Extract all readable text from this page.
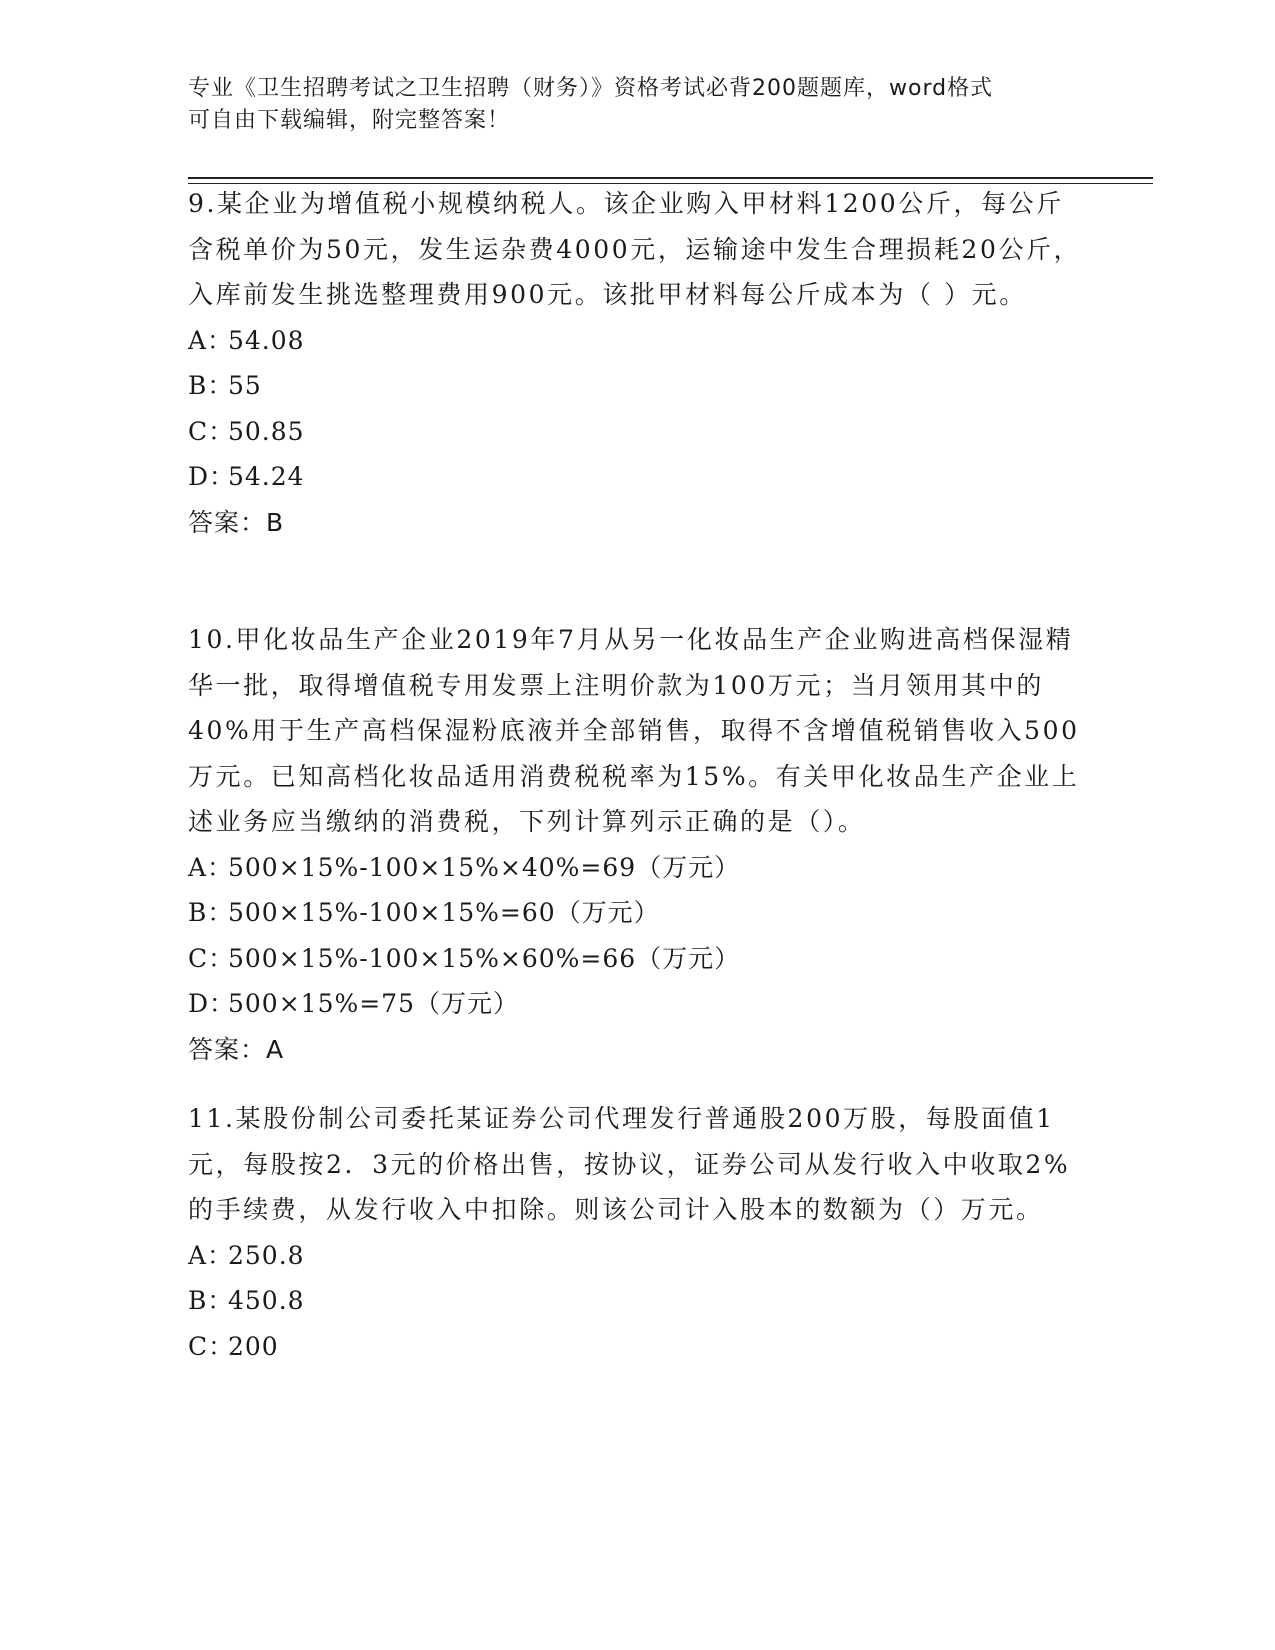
专业《卫生招聘考试之卫生招聘（财务）》资格考试必背200题题库，word格式
可自由下载编辑，附完整答案！

9.某企业为增值税小规模纳税人。该企业购入甲材料1200公斤，每公斤含税单价为50元，发生运杂费4000元，运输途中发生合理损耗20公斤，入库前发生挑选整理费用900元。该批甲材料每公斤成本为（ ）元。

A：54.08

B：55

C：50.85

D：54.24

答案：B

10.甲化妆品生产企业2019年7月从另一化妆品生产企业购进高档保湿精华一批，取得增值税专用发票上注明价款为100万元；当月领用其中的40%用于生产高档保湿粉底液并全部销售，取得不含增值税销售收入500万元。已知高档化妆品适用消费税税率为15%。有关甲化妆品生产企业上述业务应当缴纳的消费税，下列计算列示正确的是（）。

A：500×15%-100×15%×40%=69（万元）

B：500×15%-100×15%=60（万元）

C：500×15%-100×15%×60%=66（万元）

D：500×15%=75（万元）

答案：A

11.某股份制公司委托某证券公司代理发行普通股200万股，每股面值1元，每股按2．3元的价格出售，按协议，证券公司从发行收入中收取2%的手续费，从发行收入中扣除。则该公司计入股本的数额为（）万元。

A：250.8

B：450.8

C：200
